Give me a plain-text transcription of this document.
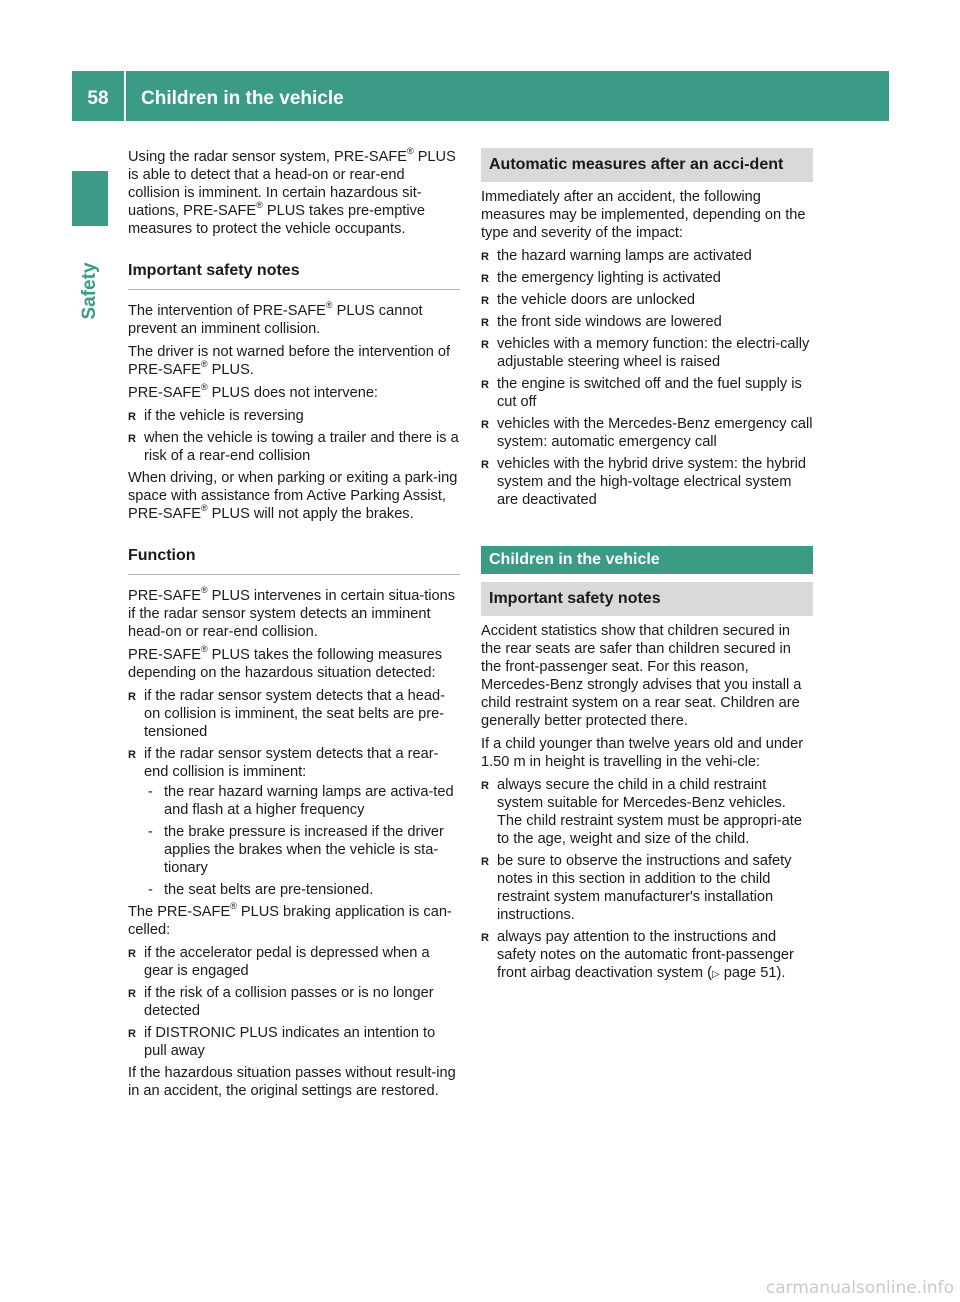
58	Children in the vehicle
Safety

Using the radar sensor system, PRE-SAFE® PLUS is able to detect that a head-on or rear-end collision is imminent. In certain hazardous sit-uations, PRE-SAFE® PLUS takes pre-emptive measures to protect the vehicle occupants.

Important safety notes

The intervention of PRE-SAFE® PLUS cannot prevent an imminent collision.

The driver is not warned before the intervention of PRE-SAFE® PLUS.

PRE-SAFE® PLUS does not intervene:

R if the vehicle is reversing
R when the vehicle is towing a trailer and there is a risk of a rear-end collision

When driving, or when parking or exiting a park-ing space with assistance from Active Parking Assist, PRE-SAFE® PLUS will not apply the brakes.

Function

PRE-SAFE® PLUS intervenes in certain situa-tions if the radar sensor system detects an imminent head-on or rear-end collision.

PRE-SAFE® PLUS takes the following measures depending on the hazardous situation detected:

R if the radar sensor system detects that a head-on collision is imminent, the seat belts are pre-tensioned
R if the radar sensor system detects that a rear-end collision is imminent:
- the rear hazard warning lamps are activa-ted and flash at a higher frequency
- the brake pressure is increased if the driver applies the brakes when the vehicle is sta-tionary
- the seat belts are pre-tensioned.

The PRE-SAFE® PLUS braking application is can-celled:

R if the accelerator pedal is depressed when a gear is engaged
R if the risk of a collision passes or is no longer detected
R if DISTRONIC PLUS indicates an intention to pull away

If the hazardous situation passes without result-ing in an accident, the original settings are restored.

Automatic measures after an acci-dent

Immediately after an accident, the following measures may be implemented, depending on the type and severity of the impact:

R the hazard warning lamps are activated
R the emergency lighting is activated
R the vehicle doors are unlocked
R the front side windows are lowered
R vehicles with a memory function: the electri-cally adjustable steering wheel is raised
R the engine is switched off and the fuel supply is cut off
R vehicles with the Mercedes-Benz emergency call system: automatic emergency call
R vehicles with the hybrid drive system: the hybrid system and the high-voltage electrical system are deactivated
Children in the vehicle
Important safety notes

Accident statistics show that children secured in the rear seats are safer than children secured in the front-passenger seat. For this reason, Mercedes-Benz strongly advises that you install a child restraint system on a rear seat. Children are generally better protected there.

If a child younger than twelve years old and under 1.50 m in height is travelling in the vehi-cle:

R always secure the child in a child restraint system suitable for Mercedes-Benz vehicles. The child restraint system must be appropri-ate to the age, weight and size of the child.
R be sure to observe the instructions and safety notes in this section in addition to the child restraint system manufacturer's installation instructions.
R always pay attention to the instructions and safety notes on the automatic front-passenger front airbag deactivation system (▷ page 51).
carmanualsonline.info
